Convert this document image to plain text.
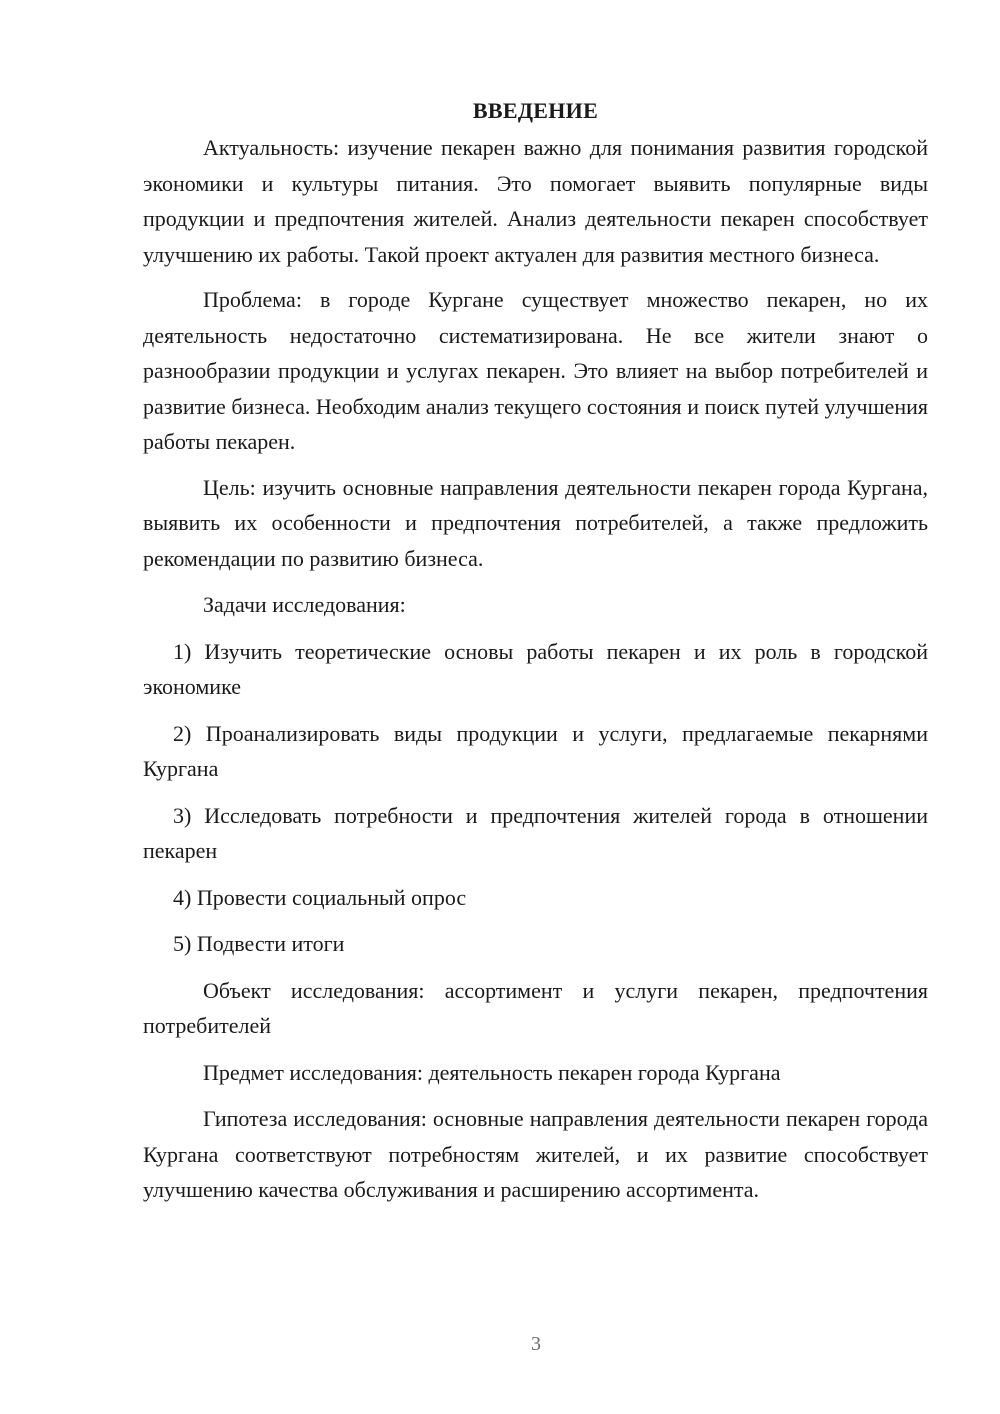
ВВЕДЕНИЕ

Актуальность: изучение пекарен важно для понимания развития городской экономики и культуры питания. Это помогает выявить популярные виды продукции и предпочтения жителей. Анализ деятельности пекарен способствует улучшению их работы. Такой проект актуален для развития местного бизнеса.

Проблема: в городе Кургане существует множество пекарен, но их деятельность недостаточно систематизирована. Не все жители знают о разнообразии продукции и услугах пекарен. Это влияет на выбор потребителей и развитие бизнеса. Необходим анализ текущего состояния и поиск путей улучшения работы пекарен.

Цель: изучить основные направления деятельности пекарен города Кургана, выявить их особенности и предпочтения потребителей, а также предложить рекомендации по развитию бизнеса.

Задачи исследования:

1) Изучить теоретические основы работы пекарен и их роль в городской экономике

2) Проанализировать виды продукции и услуги, предлагаемые пекарнями Кургана

3) Исследовать потребности и предпочтения жителей города в отношении пекарен

4) Провести социальный опрос

5) Подвести итоги

Объект исследования: ассортимент и услуги пекарен, предпочтения потребителей

Предмет исследования: деятельность пекарен города Кургана

Гипотеза исследования: основные направления деятельности пекарен города Кургана соответствуют потребностям жителей, и их развитие способствует улучшению качества обслуживания и расширению ассортимента.

3
